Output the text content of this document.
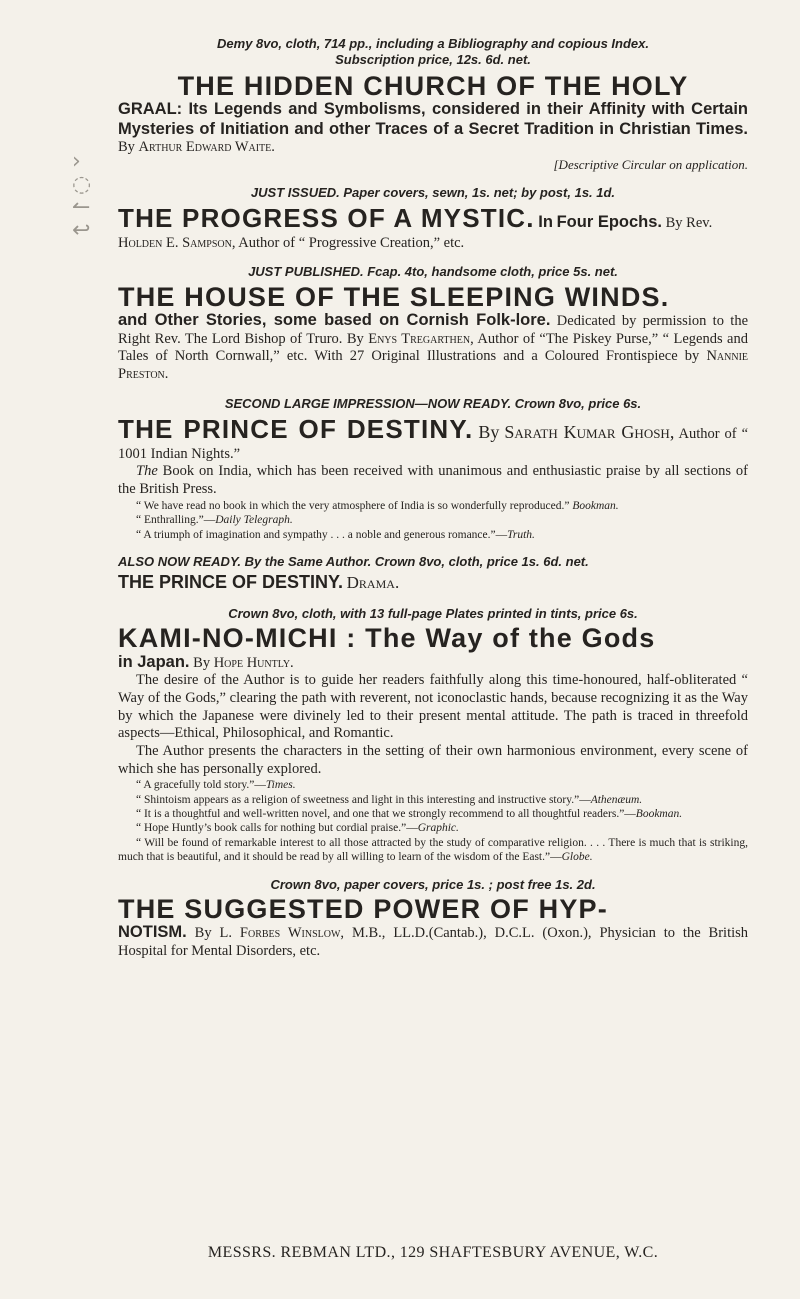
›
◌
↼
↩

Demy 8vo, cloth, 714 pp., including a Bibliography and copious Index.

Subscription price, 12s. 6d. net.

THE HIDDEN CHURCH OF THE HOLY

GRAAL: Its Legends and Symbolisms, considered in their Affinity with Certain Mysteries of Initiation and other Traces of a Secret Tradition in Christian Times. By Arthur Edward Waite.

[Descriptive Circular on application.

JUST ISSUED. Paper covers, sewn, 1s. net; by post, 1s. 1d.

THE PROGRESS OF A MYSTIC. In Four Epochs. By Rev. Holden E. Sampson, Author of “ Progressive Creation,” etc.

JUST PUBLISHED. Fcap. 4to, handsome cloth, price 5s. net.

THE HOUSE OF THE SLEEPING WINDS.

and Other Stories, some based on Cornish Folk-lore. Dedicated by permission to the Right Rev. The Lord Bishop of Truro. By Enys Tregarthen, Author of “The Piskey Purse,” “ Legends and Tales of North Cornwall,” etc. With 27 Original Illustrations and a Coloured Frontispiece by Nannie Preston.

SECOND LARGE IMPRESSION—NOW READY. Crown 8vo, price 6s.

THE PRINCE OF DESTINY. By Sarath Kumar Ghosh, Author of “ 1001 Indian Nights.”

The Book on India, which has been received with unanimous and enthusiastic praise by all sections of the British Press.

“ We have read no book in which the very atmosphere of India is so wonderfully reproduced.” Bookman.

“ Enthralling.”—Daily Telegraph.

“ A triumph of imagination and sympathy . . . a noble and generous romance.”—Truth.

ALSO NOW READY. By the Same Author. Crown 8vo, cloth, price 1s. 6d. net.

THE PRINCE OF DESTINY. Drama.

Crown 8vo, cloth, with 13 full-page Plates printed in tints, price 6s.

KAMI-NO-MICHI : The Way of the Gods

in Japan. By Hope Huntly.

The desire of the Author is to guide her readers faithfully along this time-honoured, half-obliterated “ Way of the Gods,” clearing the path with reverent, not iconoclastic hands, because recognizing it as the Way by which the Japanese were divinely led to their present mental attitude. The path is traced in threefold aspects—Ethical, Philosophical, and Romantic.

The Author presents the characters in the setting of their own harmonious environment, every scene of which she has personally explored.

“ A gracefully told story.”—Times.

“ Shintoism appears as a religion of sweetness and light in this interesting and instructive story.”—Athenæum.

“ It is a thoughtful and well-written novel, and one that we strongly recommend to all thoughtful readers.”—Bookman.

“ Hope Huntly’s book calls for nothing but cordial praise.”—Graphic.

“ Will be found of remarkable interest to all those attracted by the study of comparative religion. . . . There is much that is striking, much that is beautiful, and it should be read by all willing to learn of the wisdom of the East.”—Globe.

Crown 8vo, paper covers, price 1s. ; post free 1s. 2d.

THE SUGGESTED POWER OF HYP-

NOTISM. By L. Forbes Winslow, M.B., LL.D.(Cantab.), D.C.L. (Oxon.), Physician to the British Hospital for Mental Disorders, etc.

MESSRS. REBMAN LTD., 129 SHAFTESBURY AVENUE, W.C.
